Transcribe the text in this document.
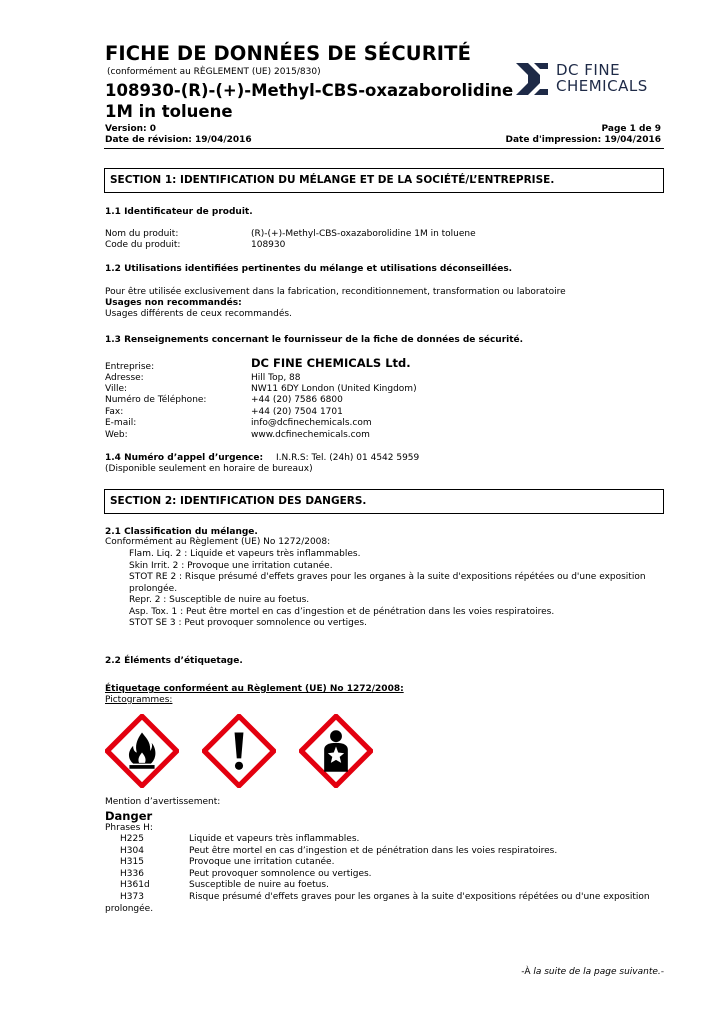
FICHE DE DONNÉES DE SÉCURITÉ
(conformément au RÈGLEMENT (UE) 2015/830)
108930-(R)-(+)-Methyl-CBS-oxazaborolidine
1M in toluene
DC FINE
CHEMICALS
Version: 0
Date de révision: 19/04/2016
Page 1 de 9
Date d'impression: 19/04/2016
SECTION 1: IDENTIFICATION DU MÉLANGE ET DE LA SOCIÉTÉ/L’ENTREPRISE.
1.1 Identificateur de produit.
Nom du produit:	(R)-(+)-Methyl-CBS-oxazaborolidine 1M in toluene
Code du produit:	108930
1.2 Utilisations identifiées pertinentes du mélange et utilisations déconseillées.
Pour être utilisée exclusivement dans la fabrication, reconditionnement, transformation ou laboratoire
Usages non recommandés:
Usages différents de ceux recommandés.
1.3 Renseignements concernant le fournisseur de la fiche de données de sécurité.
Entreprise:	DC FINE CHEMICALS Ltd.
Adresse:	Hill Top, 88
Ville:	NW11 6DY London (United Kingdom)
Numéro de Téléphone:	+44 (20) 7586 6800
Fax:	+44 (20) 7504 1701
E-mail:	info@dcfinechemicals.com
Web:	www.dcfinechemicals.com
1.4 Numéro d’appel d’urgence: I.N.R.S: Tel. (24h) 01 4542 5959
(Disponible seulement en horaire de bureaux)
SECTION 2: IDENTIFICATION DES DANGERS.
2.1 Classification du mélange.
Conformément au Règlement (UE) No 1272/2008:
Flam. Liq. 2 : Liquide et vapeurs très inflammables.
Skin Irrit. 2 : Provoque une irritation cutanée.
STOT RE 2 : Risque présumé d'effets graves pour les organes à la suite d'expositions répétées ou d'une exposition
prolongée.
Repr. 2 : Susceptible de nuire au foetus.
Asp. Tox. 1 : Peut être mortel en cas d’ingestion et de pénétration dans les voies respiratoires.
STOT SE 3 : Peut provoquer somnolence ou vertiges.
2.2 Éléments d’étiquetage.
Étiquetage conforméent au Règlement (UE) No 1272/2008:
Pictogrammes:
Mention d’avertissement:
Danger
Phrases H:
H225	Liquide et vapeurs très inflammables.
H304	Peut être mortel en cas d’ingestion et de pénétration dans les voies respiratoires.
H315	Provoque une irritation cutanée.
H336	Peut provoquer somnolence ou vertiges.
H361d	Susceptible de nuire au foetus.
H373	Risque présumé d'effets graves pour les organes à la suite d'expositions répétées ou d'une exposition
prolongée.
-À la suite de la page suivante.-
